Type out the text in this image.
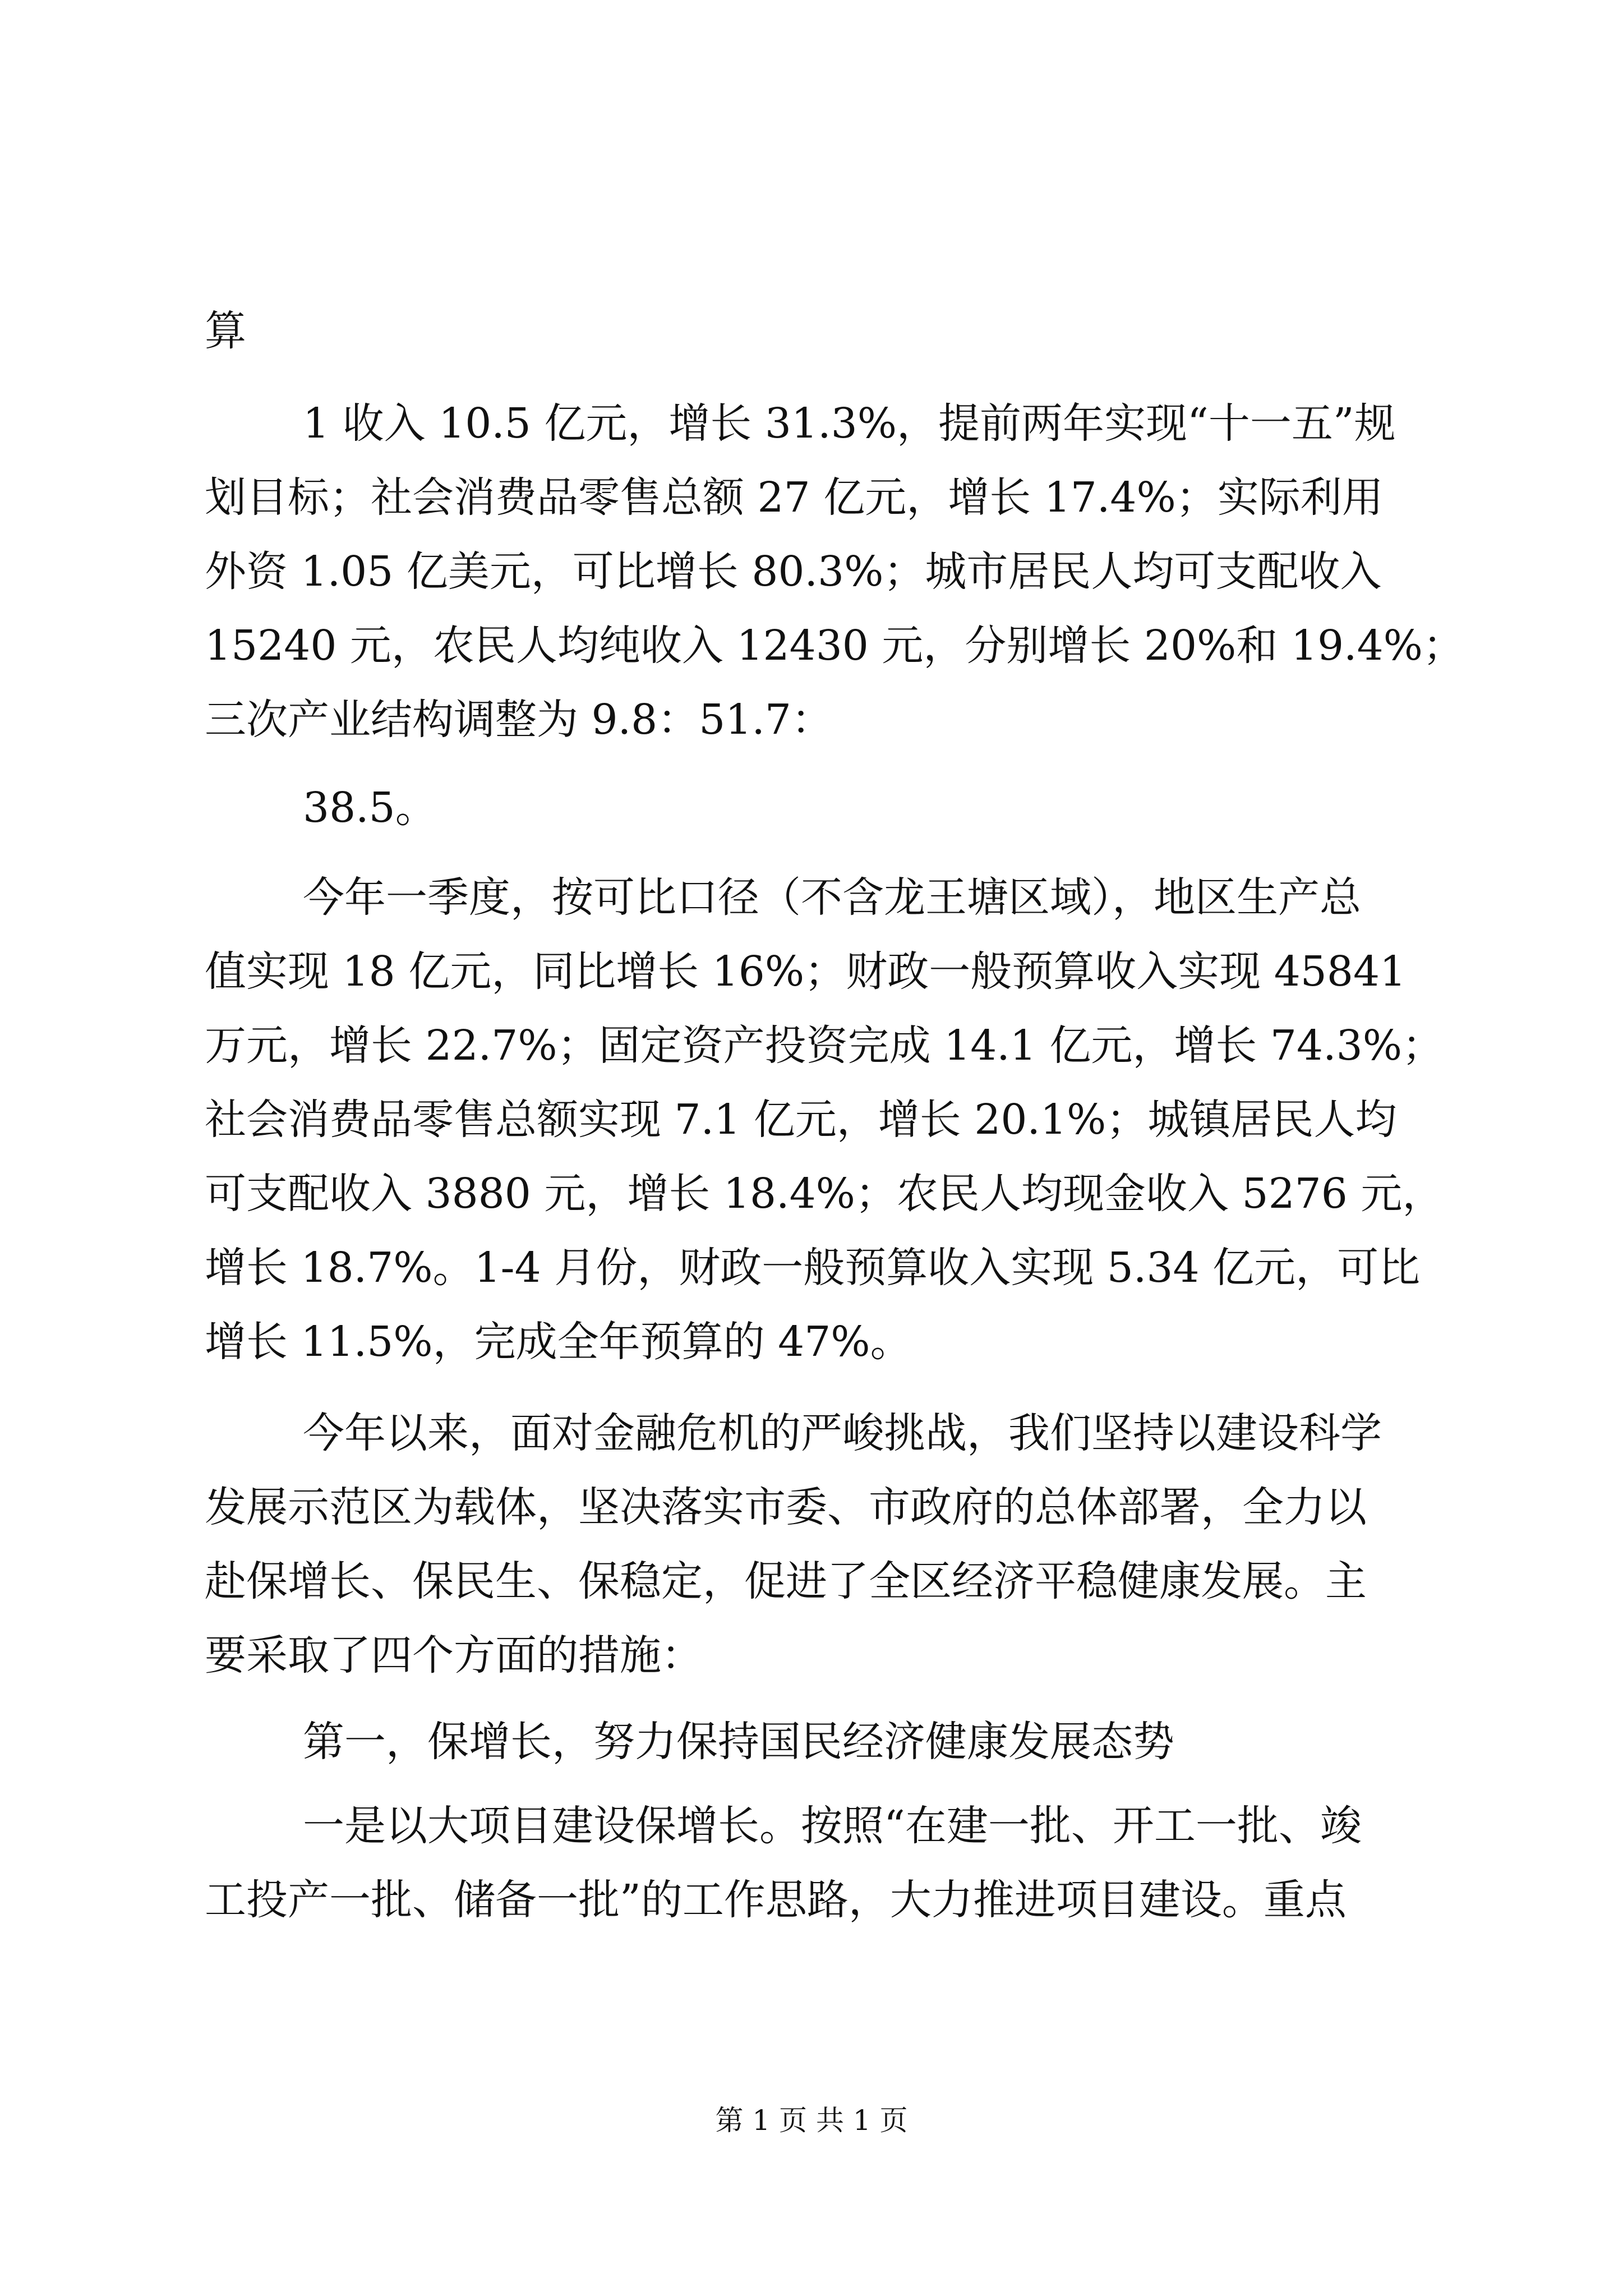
算

1 收入 10.5 亿元，增长 31.3%，提前两年实现“十一五”规

划目标；社会消费品零售总额 27 亿元，增长 17.4%；实际利用

外资 1.05 亿美元，可比增长 80.3%；城市居民人均可支配收入

15240 元，农民人均纯收入 12430 元，分别增长 20%和 19.4%；

三次产业结构调整为 9.8：51.7：

38.5。

今年一季度，按可比口径（不含龙王塘区域），地区生产总

值实现 18 亿元，同比增长 16%；财政一般预算收入实现 45841

万元，增长 22.7%；固定资产投资完成 14.1 亿元，增长 74.3%；

社会消费品零售总额实现 7.1 亿元，增长 20.1%；城镇居民人均

可支配收入 3880 元，增长 18.4%；农民人均现金收入 5276 元，

增长 18.7%。1-4 月份，财政一般预算收入实现 5.34 亿元，可比

增长 11.5%，完成全年预算的 47%。

今年以来，面对金融危机的严峻挑战，我们坚持以建设科学

发展示范区为载体，坚决落实市委、市政府的总体部署，全力以

赴保增长、保民生、保稳定，促进了全区经济平稳健康发展。主

要采取了四个方面的措施：

第一，保增长，努力保持国民经济健康发展态势

一是以大项目建设保增长。按照“在建一批、开工一批、竣

工投产一批、储备一批”的工作思路，大力推进项目建设。重点

第 1 页 共 1 页
